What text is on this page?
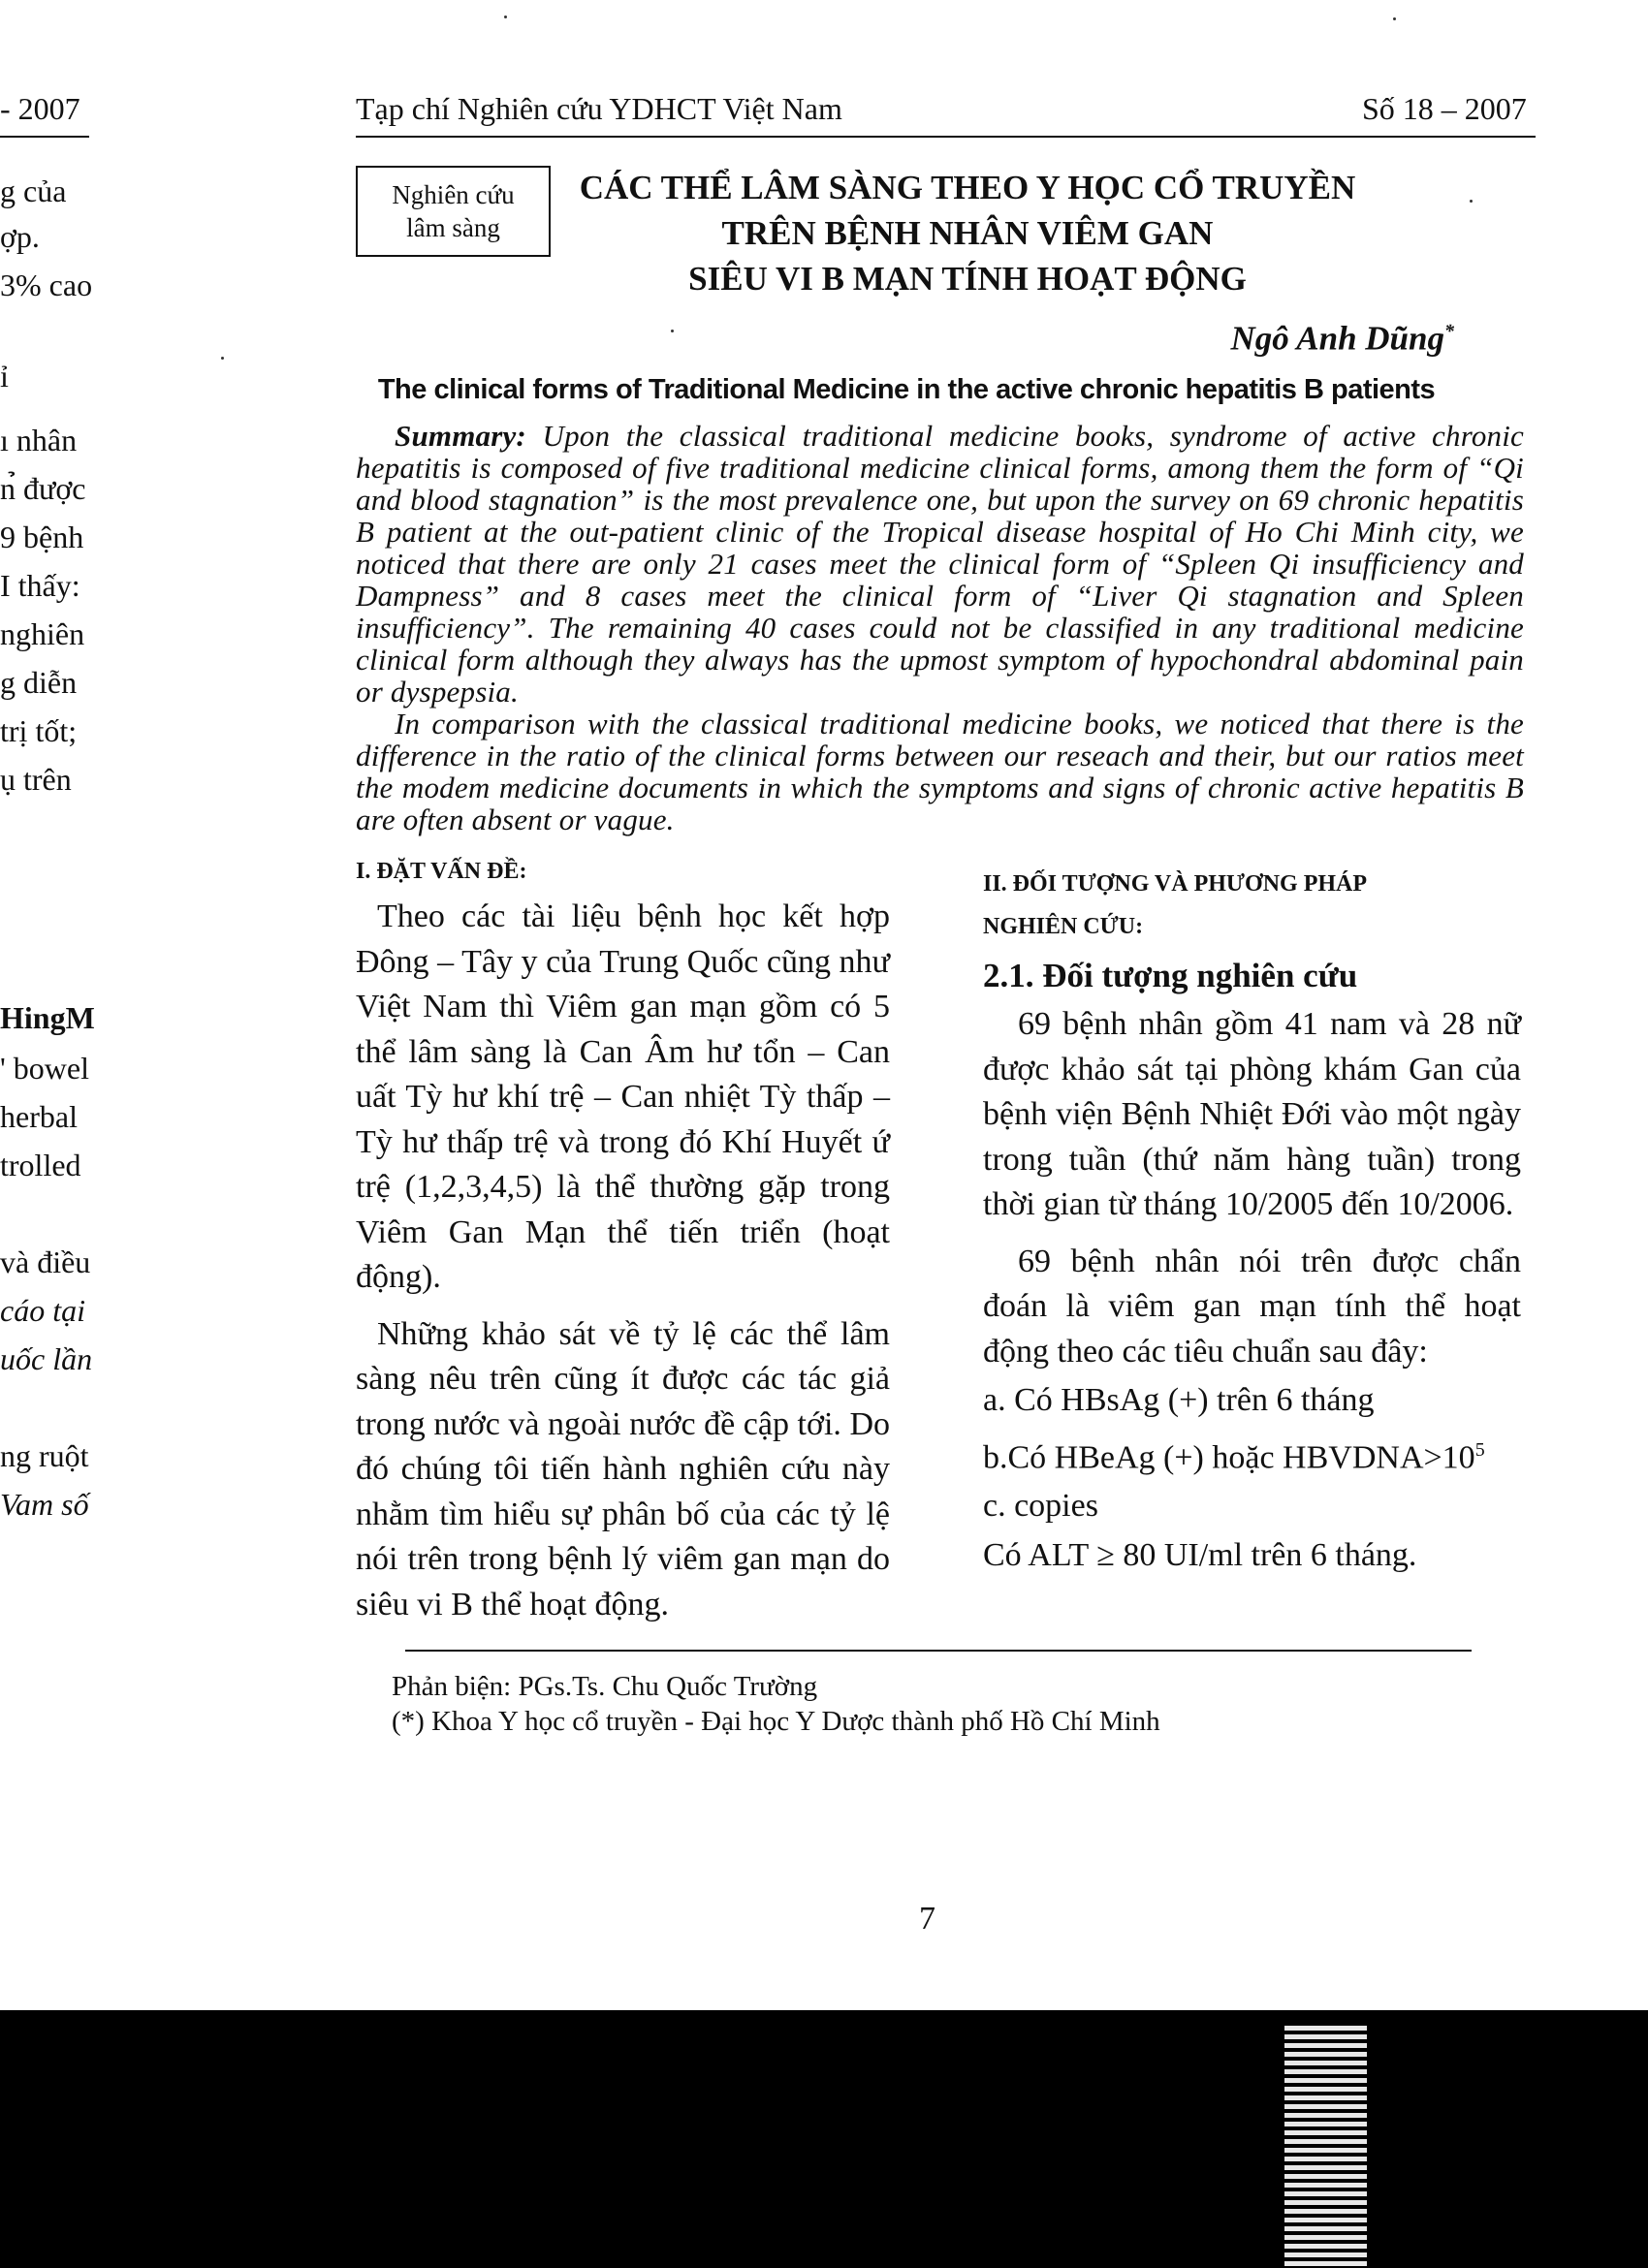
- 2007
g của
ợp.
3% cao
ỉ
ı nhân
n̉ được
9 bệnh
I thấy:
nghiên
g diễn
trị tốt;
ụ trên
HingM
' bowel
herbal
trolled
và điều
cáo tại
uốc lần
ng ruột
Vam số
Tạp chí Nghiên cứu YDHCT Việt Nam	Số 18 – 2007
Nghiên cứu
lâm sàng
CÁC THỂ LÂM SÀNG THEO Y HỌC CỔ TRUYỀN
TRÊN BỆNH NHÂN VIÊM GAN
SIÊU VI B MẠN TÍNH HOẠT ĐỘNG
Ngô Anh Dũng*
The clinical forms of Traditional Medicine in the active chronic hepatitis B patients

Summary: Upon the classical traditional medicine books, syndrome of active chronic hepatitis is composed of five traditional medicine clinical forms, among them the form of “Qi and blood stagnation” is the most prevalence one, but upon the survey on 69 chronic hepatitis B patient at the out-patient clinic of the Tropical disease hospital of Ho Chi Minh city, we noticed that there are only 21 cases meet the clinical form of “Spleen Qi insufficiency and Dampness” and 8 cases meet the clinical form of “Liver Qi stagnation and Spleen insufficiency”. The remaining 40 cases could not be classified in any traditional medicine clinical form although they always has the upmost symptom of hypochondral abdominal pain or dyspepsia.

In comparison with the classical traditional medicine books, we noticed that there is the difference in the ratio of the clinical forms between our reseach and their, but our ratios meet the modem medicine documents in which the symptoms and signs of chronic active hepatitis B are often absent or vague.

I. ĐẶT VẤN ĐỀ:

Theo các tài liệu bệnh học kết hợp Đông – Tây y của Trung Quốc cũng như Việt Nam thì Viêm gan mạn gồm có 5 thể lâm sàng là Can Âm hư tổn – Can uất Tỳ hư khí trệ – Can nhiệt Tỳ thấp – Tỳ hư thấp trệ và trong đó Khí Huyết ứ trệ (1,2,3,4,5) là thể thường gặp trong Viêm Gan Mạn thể tiến triển (hoạt động).

Những khảo sát về tỷ lệ các thể lâm sàng nêu trên cũng ít được các tác giả trong nước và ngoài nước đề cập tới. Do đó chúng tôi tiến hành nghiên cứu này nhằm tìm hiểu sự phân bố của các tỷ lệ nói trên trong bệnh lý viêm gan mạn do siêu vi B thể hoạt động.

II. ĐỐI TƯỢNG VÀ PHƯƠNG PHÁP
NGHIÊN CỨU:
2.1. Đối tượng nghiên cứu

69 bệnh nhân gồm 41 nam và 28 nữ được khảo sát tại phòng khám Gan của bệnh viện Bệnh Nhiệt Đới vào một ngày trong tuần (thứ năm hàng tuần) trong thời gian từ tháng 10/2005 đến 10/2006.

69 bệnh nhân nói trên được chẩn đoán là viêm gan mạn tính thể hoạt động theo các tiêu chuẩn sau đây:

a. Có HBsAg (+) trên 6 tháng

b.Có HBeAg (+) hoặc $HBVDNA>10^5$

c. copies

Có ALT ≥ 80 UI/ml trên 6 tháng.

Phản biện: PGs.Ts. Chu Quốc Trường
(*) Khoa Y học cổ truyền - Đại học Y Dược thành phố Hồ Chí Minh
7
